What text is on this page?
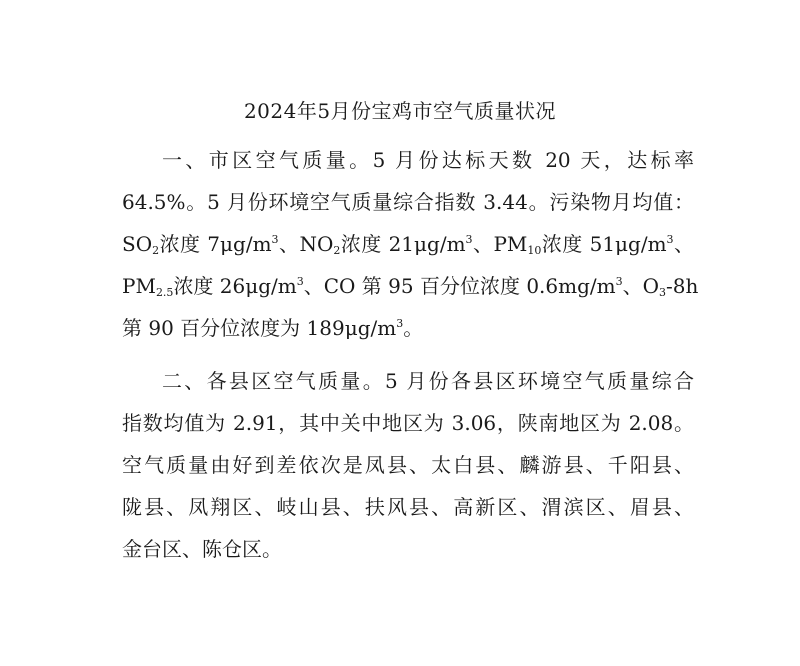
2024年5月份宝鸡市空气质量状况
一、市区空气质量。5 月份达标天数 20 天，达标率
64.5%。5 月份环境空气质量综合指数 3.44。污染物月均值：
$SO_2$浓度 $7\mu g/m^3$、$NO_2$浓度 $21\mu g/m^3$、$PM_{10}$浓度 $51\mu g/m^3$、
$PM_{2.5}$浓度 $26\mu g/m^3$、CO 第 95 百分位浓度 $0.6mg/m^3$、$O_3-8h$
第 90 百分位浓度为 $189\mu g/m^3$。
二、各县区空气质量。5 月份各县区环境空气质量综合
指数均值为 2.91，其中关中地区为 3.06，陕南地区为 2.08。
空气质量由好到差依次是凤县、太白县、麟游县、千阳县、
陇县、凤翔区、岐山县、扶风县、高新区、渭滨区、眉县、
金台区、陈仓区。
